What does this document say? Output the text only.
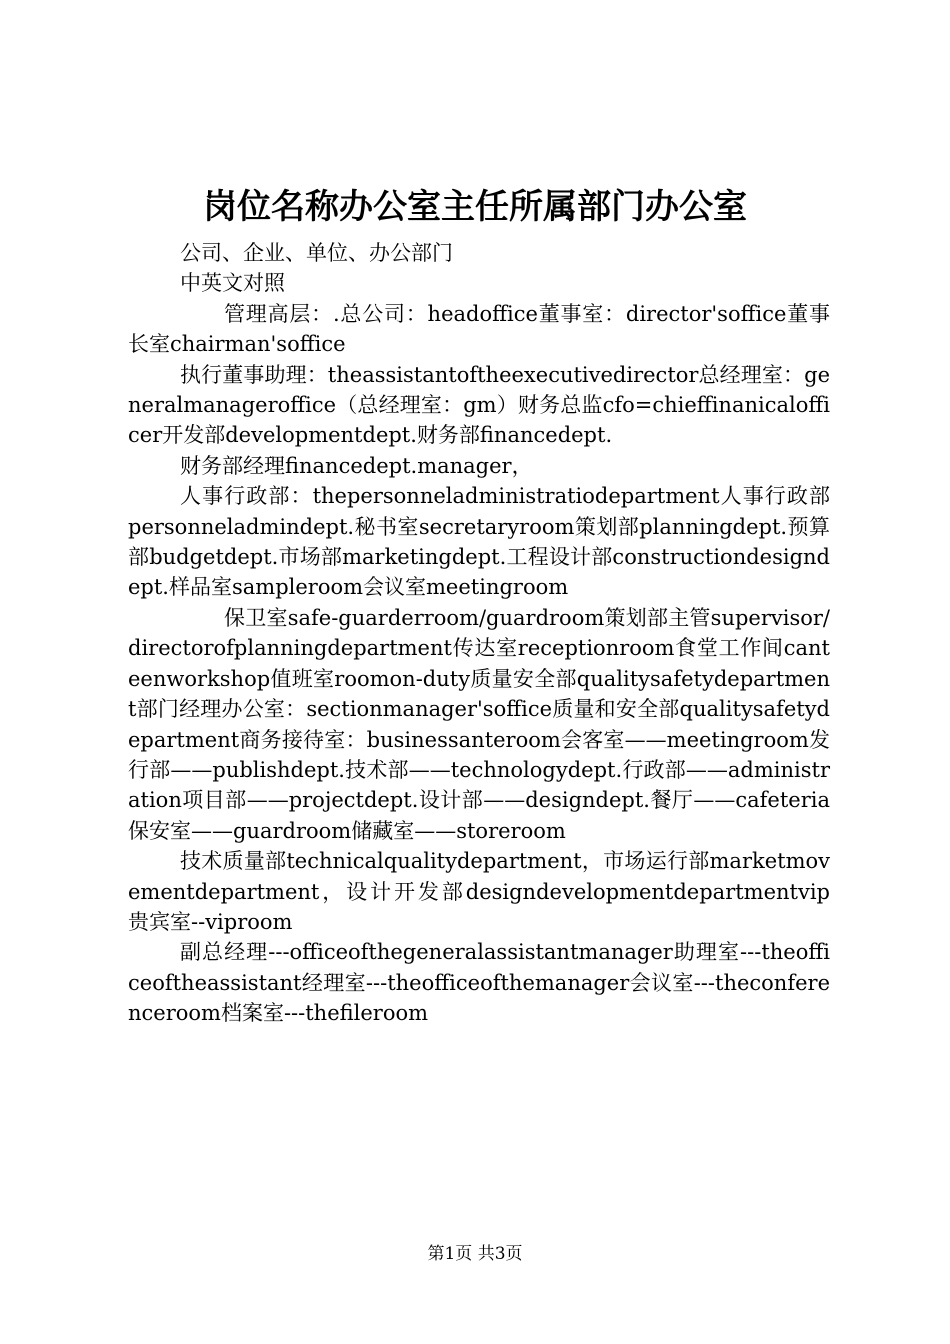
岗位名称办公室主任所属部门办公室

公司、企业、单位、办公部门

中英文对照

管理高层：.总公司：headoffice董事室：director'soffice董事长室chairman'soffice

执行董事助理：theassistantoftheexecutivedirector总经理室：generalmanageroffice（总经理室：gm）财务总监cfo=chieffinanicalofficer开发部developmentdept.财务部financedept.

财务部经理financedept.manager，

人事行政部：thepersonneladministratiodepartment人事行政部personneladmindept.秘书室secretaryroom策划部planningdept.预算部budgetdept.市场部marketingdept.工程设计部constructiondesigndept.样品室sampleroom会议室meetingroom

保卫室safe-guarderroom/guardroom策划部主管supervisor/directorofplanningdepartment传达室receptionroom食堂工作间canteenworkshop值班室roomon-duty质量安全部qualitysafetydepartment部门经理办公室：sectionmanager'soffice质量和安全部qualitysafetydepartment商务接待室：businessanteroom会客室——meetingroom发行部——publishdept.技术部——technologydept.行政部——administration项目部——projectdept.设计部——designdept.餐厅——cafeteria保安室——guardroom储藏室——storeroom

技术质量部technicalqualitydepartment，市场运行部marketmovementdepartment，设计开发部designdevelopmentdepartmentvip贵宾室--viproom

副总经理---officeofthegeneralassistantmanager助理室---theofficeoftheassistant经理室---theofficeofthemanager会议室---theconferenceroom档案室---thefileroom

第1页 共3页
